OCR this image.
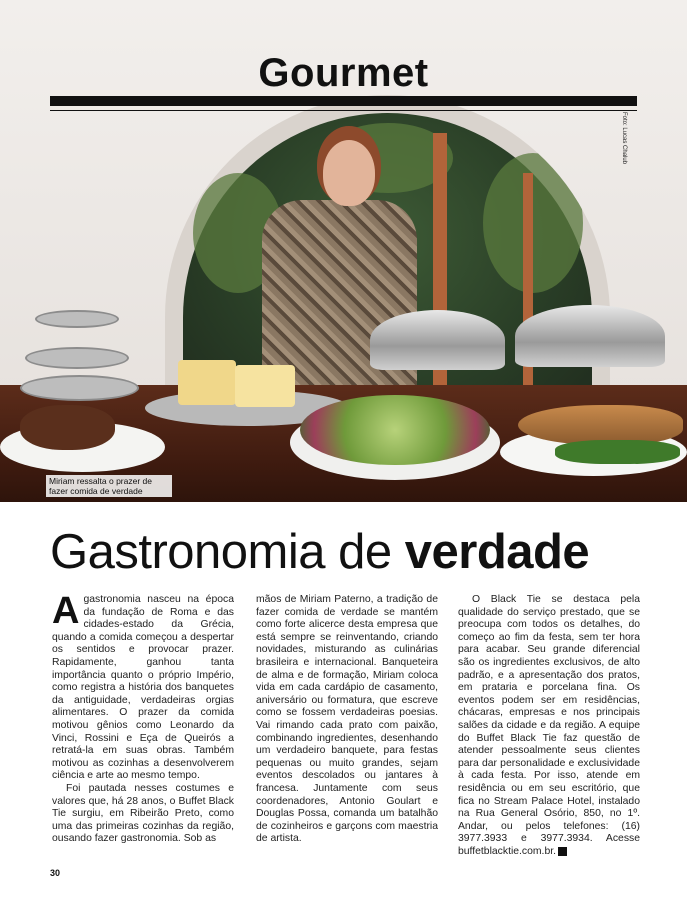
Foto: Lucas Chalub
Miriam ressalta o prazer de fazer comida de verdade
Gourmet
Gastronomia de verdade

Agastronomia nasceu na época da fundação de Roma e das cidades-estado da Grécia, quando a comida começou a despertar os sentidos e provocar prazer. Rapidamente, ganhou tanta importância quanto o próprio Império, como registra a história dos banquetes da antiguidade, verdadeiras orgias alimentares. O prazer da comida motivou gênios como Leonardo da Vinci, Rossini e Eça de Queirós a retratá-la em suas obras. Também motivou as cozinhas a desenvolverem ciência e arte ao mesmo tempo.

Foi pautada nesses costumes e valores que, há 28 anos, o Buffet Black Tie surgiu, em Ribeirão Preto, como uma das primeiras cozinhas da região, ousando fazer gastronomia. Sob as

mãos de Miriam Paterno, a tradição de fazer comida de verdade se mantém como forte alicerce desta empresa que está sempre se reinventando, criando novidades, misturando as culinárias brasileira e internacional. Banqueteira de alma e de formação, Miriam coloca vida em cada cardápio de casamento, aniversário ou formatura, que escreve como se fossem verdadeiras poesias. Vai rimando cada prato com paixão, combinando ingredientes, desenhando um verdadeiro banquete, para festas pequenas ou muito grandes, sejam eventos descolados ou jantares à francesa. Juntamente com seus coordenadores, Antonio Goulart e Douglas Possa, comanda um batalhão de cozinheiros e garçons com maestria de artista.

O Black Tie se destaca pela qualidade do serviço prestado, que se preocupa com todos os detalhes, do começo ao fim da festa, sem ter hora para acabar. Seu grande diferencial são os ingredientes exclusivos, de alto padrão, e a apresentação dos pratos, em prataria e porcelana fina. Os eventos podem ser em residências, chácaras, empresas e nos principais salões da cidade e da região. A equipe do Buffet Black Tie faz questão de atender pessoalmente seus clientes para dar personalidade e exclusividade à cada festa. Por isso, atende em residência ou em seu escritório, que fica no Stream Palace Hotel, instalado na Rua General Osório, 850, no 1º. Andar, ou pelos telefones: (16) 3977.3933 e 3977.3934. Acesse buffetblacktie.com.br. R

30
